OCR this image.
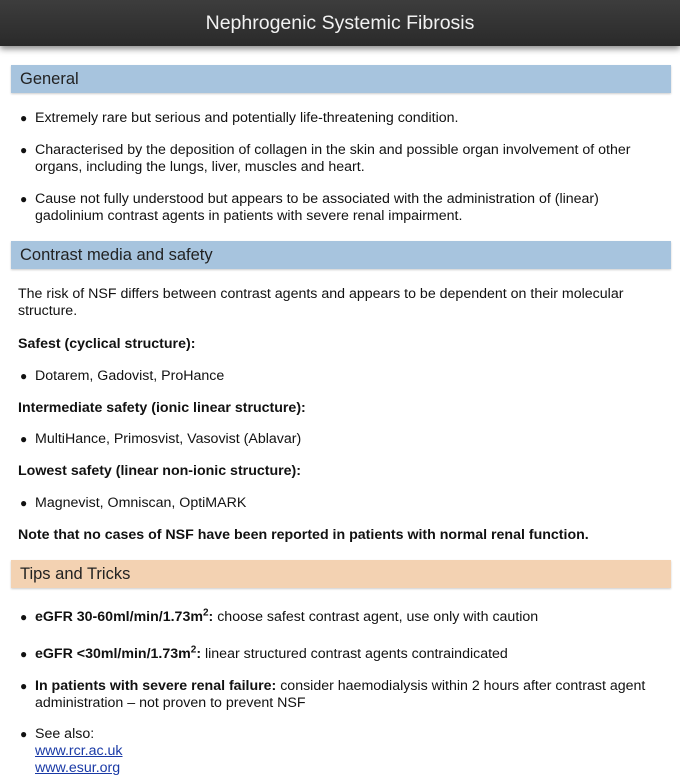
Nephrogenic Systemic Fibrosis
General
● Extremely rare but serious and potentially life-threatening condition.
● Characterised by the deposition of collagen in the skin and possible organ involvement of other organs, including the lungs, liver, muscles and heart.
● Cause not fully understood but appears to be associated with the administration of (linear) gadolinium contrast agents in patients with severe renal impairment.
Contrast media and safety
The risk of NSF differs between contrast agents and appears to be dependent on their molecular structure.
Safest (cyclical structure):
● Dotarem, Gadovist, ProHance
Intermediate safety (ionic linear structure):
● MultiHance, Primosvist, Vasovist (Ablavar)
Lowest safety (linear non-ionic structure):
● Magnevist, Omniscan, OptiMARK
Note that no cases of NSF have been reported in patients with normal renal function.
Tips and Tricks
● eGFR $30-60ml/\min/1.73m^2$: choose safest contrast agent, use only with caution
● eGFR $<30ml/\min/1.73m^2$: linear structured contrast agents contraindicated
● In patients with severe renal failure: consider haemodialysis within 2 hours after contrast agent administration – not proven to prevent NSF
● See also:
www.rcr.ac.uk
www.esur.org
